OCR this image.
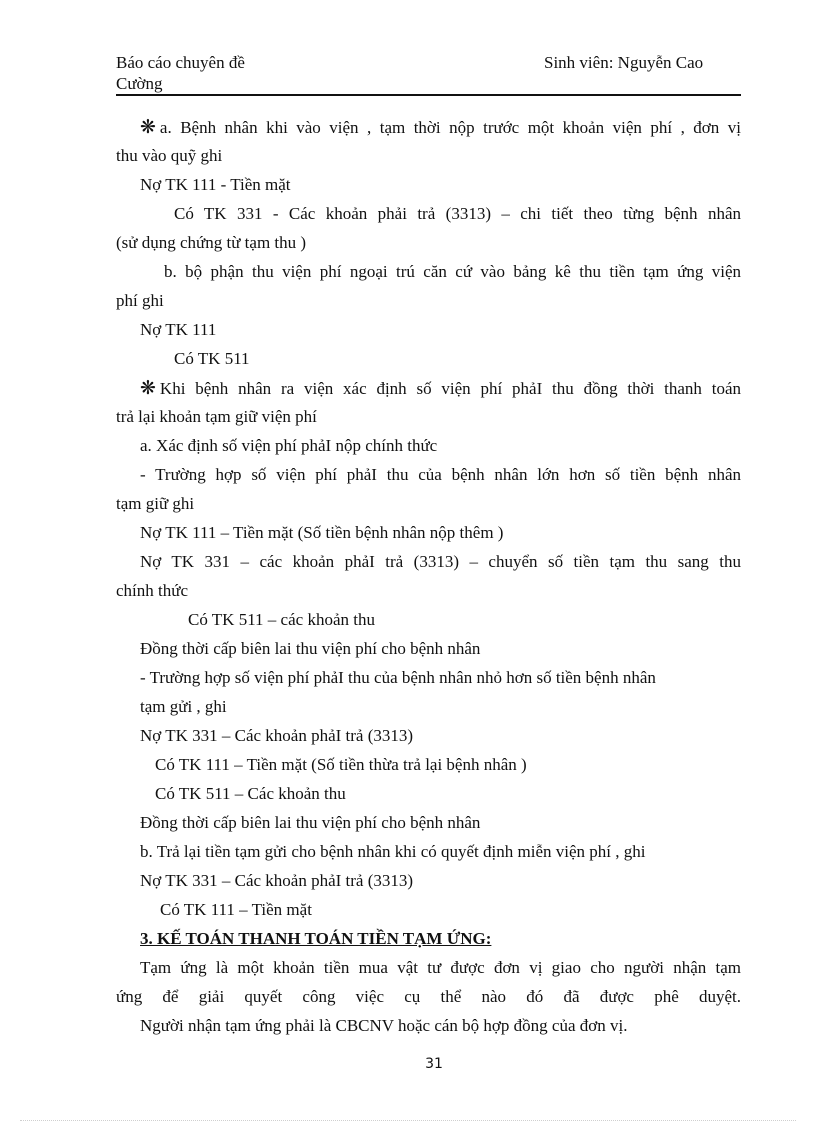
Báo cáo chuyên đề
Cường
Sinh viên: Nguyễn Cao
❋ a. Bệnh nhân khi vào viện , tạm thời nộp trước một khoản viện phí , đơn vị
thu vào quỹ ghi
Nợ TK 111 - Tiền mặt
Có TK 331 - Các khoản phải trả (3313) – chi tiết theo từng bệnh nhân
(sử dụng chứng từ tạm thu )
b. bộ phận thu viện phí ngoại trú căn cứ vào bảng kê thu tiền tạm ứng viện
phí ghi
Nợ TK 111
Có TK 511
❋ Khi bệnh nhân ra viện xác định số viện phí phảI thu đồng thời thanh toán
trả lại khoản tạm giữ viện phí
a. Xác định số viện phí phảI nộp chính thức
- Trường hợp số viện phí phảI thu của bệnh nhân lớn hơn số tiền bệnh nhân
tạm giữ ghi
Nợ TK 111 – Tiền mặt (Số tiền bệnh nhân nộp thêm )
Nợ TK 331 – các khoản phảI trả (3313) – chuyển số tiền tạm thu sang thu
chính thức
Có TK 511 – các khoản thu
Đồng thời cấp biên lai thu viện phí cho bệnh nhân
- Trường hợp số viện phí phảI thu của bệnh nhân nhỏ hơn số tiền bệnh nhân
tạm gửi , ghi
Nợ TK 331 – Các khoản phảI trả (3313)
Có TK 111 – Tiền mặt (Số tiền thừa trả lại bệnh nhân )
Có TK 511 – Các khoản thu
Đồng thời cấp biên lai thu viện phí cho bệnh nhân
b. Trả lại tiền tạm gửi cho bệnh nhân khi có quyết định miễn viện phí , ghi
Nợ TK 331 – Các khoản phảI trả (3313)
Có TK 111 – Tiền mặt
3. KẾ TOÁN THANH TOÁN TIỀN TẠM ỨNG:
Tạm ứng là một khoản tiền mua vật tư được đơn vị giao cho người nhận tạm
ứng để giải quyết công việc cụ thể nào đó đã được phê duyệt.
Người nhận tạm ứng phải là CBCNV hoặc cán bộ hợp đồng của đơn vị.
31
